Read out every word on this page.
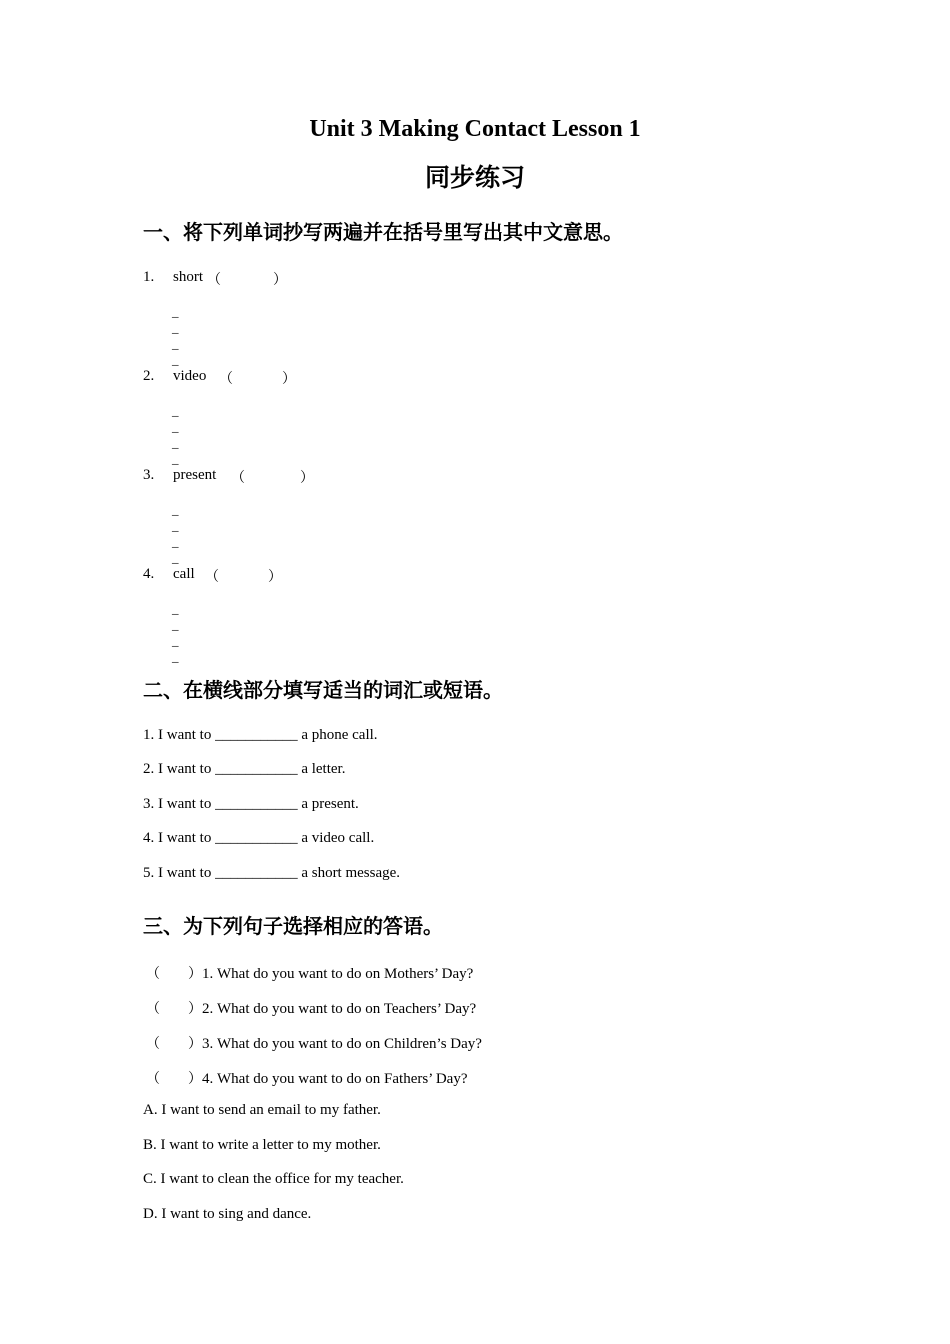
Unit 3 Making Contact Lesson 1
同步练习
一、将下列单词抄写两遍并在括号里写出其中文意思。
1. short （	）
_
_
_
_
2. video （	）
_
_
_
_
3. present （	）
_
_
_
_
4. call （	）
_
_
_
_
二、在横线部分填写适当的词汇或短语。
1. I want to ___________ a phone call.
2. I want to ___________ a letter.
3. I want to ___________ a present.
4. I want to ___________ a video call.
5. I want to ___________ a short message.
三、为下列句子选择相应的答语。
（　　）1. What do you want to do on Mothers’ Day?
（　　）2. What do you want to do on Teachers’ Day?
（　　）3. What do you want to do on Children’s Day?
（　　）4. What do you want to do on Fathers’ Day?
A. I want to send an email to my father.
B. I want to write a letter to my mother.
C. I want to clean the office for my teacher.
D. I want to sing and dance.
